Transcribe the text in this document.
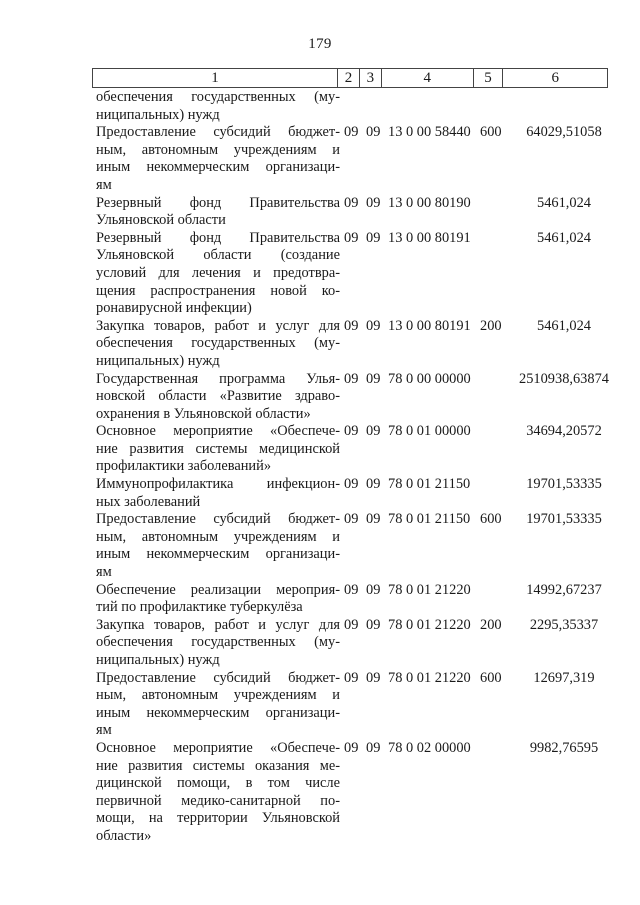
179
1	2 3	4	5	6
обеспечения государственных (му-
ниципальных) нужд
Предоставление субсидий бюджет-
ным, автономным учреждениям и
иным некоммерческим организаци-
ям
09 09 13 0 00 58440 600	64029,51058
Резервный фонд Правительства
Ульяновской области
09 09 13 0 00 80190	5461,024
Резервный фонд Правительства
Ульяновской области (создание
условий для лечения и предотвра-
щения распространения новой ко-
ронавирусной инфекции)
09 09 13 0 00 80191	5461,024
Закупка товаров, работ и услуг для
обеспечения государственных (му-
ниципальных) нужд
09 09 13 0 00 80191 200	5461,024
Государственная программа Улья-
новской области «Развитие здраво-
охранения в Ульяновской области»
09 09 78 0 00 00000	2510938,63874
Основное мероприятие «Обеспече-
ние развития системы медицинской
профилактики заболеваний»
09 09 78 0 01 00000	34694,20572
Иммунопрофилактика инфекцион-
ных заболеваний
09 09 78 0 01 21150	19701,53335
Предоставление субсидий бюджет-
ным, автономным учреждениям и
иным некоммерческим организаци-
ям
09 09 78 0 01 21150 600	19701,53335
Обеспечение реализации мероприя-
тий по профилактике туберкулёза
09 09 78 0 01 21220	14992,67237
Закупка товаров, работ и услуг для
обеспечения государственных (му-
ниципальных) нужд
09 09 78 0 01 21220 200	2295,35337
Предоставление субсидий бюджет-
ным, автономным учреждениям и
иным некоммерческим организаци-
ям
09 09 78 0 01 21220 600	12697,319
Основное мероприятие «Обеспече-
ние развития системы оказания ме-
дицинской помощи, в том числе
первичной медико-санитарной по-
мощи, на территории Ульяновской
области»
09 09 78 0 02 00000	9982,76595
